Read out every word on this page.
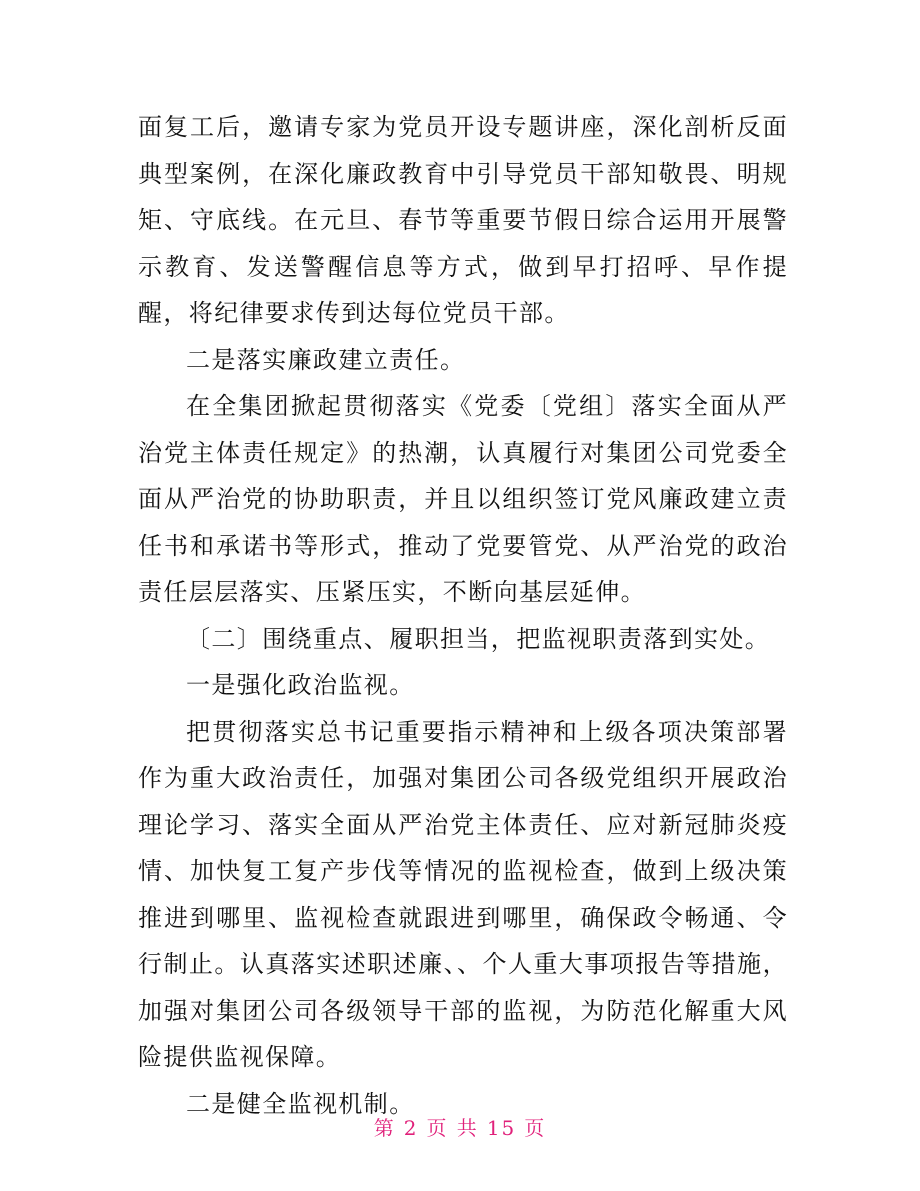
面复工后，邀请专家为党员开设专题讲座，深化剖析反面典型案例，在深化廉政教育中引导党员干部知敬畏、明规矩、守底线。在元旦、春节等重要节假日综合运用开展警示教育、发送警醒信息等方式，做到早打招呼、早作提醒，将纪律要求传到达每位党员干部。

二是落实廉政建立责任。

在全集团掀起贯彻落实《党委〔党组〕落实全面从严治党主体责任规定》的热潮，认真履行对集团公司党委全面从严治党的协助职责，并且以组织签订党风廉政建立责任书和承诺书等形式，推动了党要管党、从严治党的政治责任层层落实、压紧压实，不断向基层延伸。

〔二〕围绕重点、履职担当，把监视职责落到实处。

一是强化政治监视。

把贯彻落实总书记重要指示精神和上级各项决策部署作为重大政治责任，加强对集团公司各级党组织开展政治理论学习、落实全面从严治党主体责任、应对新冠肺炎疫情、加快复工复产步伐等情况的监视检查，做到上级决策推进到哪里、监视检查就跟进到哪里，确保政令畅通、令行制止。认真落实述职述廉、、个人重大事项报告等措施，加强对集团公司各级领导干部的监视，为防范化解重大风险提供监视保障。

二是健全监视机制。

第 2 页 共 15 页
